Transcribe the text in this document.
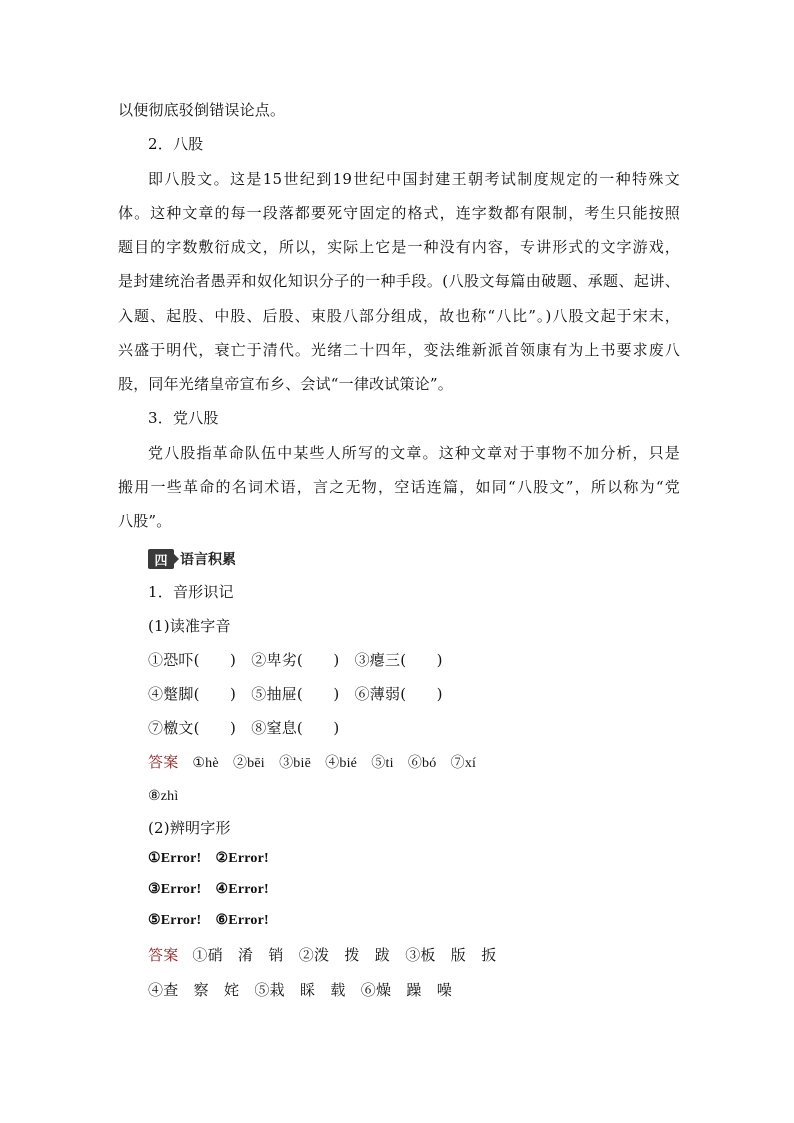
以便彻底驳倒错误论点。
2．八股
即八股文。这是15世纪到19世纪中国封建王朝考试制度规定的一种特殊文
体。这种文章的每一段落都要死守固定的格式，连字数都有限制，考生只能按照
题目的字数敷衍成文，所以，实际上它是一种没有内容，专讲形式的文字游戏，
是封建统治者愚弄和奴化知识分子的一种手段。(八股文每篇由破题、承题、起讲、
入题、起股、中股、后股、束股八部分组成，故也称“八比”。)八股文起于宋末，
兴盛于明代，衰亡于清代。光绪二十四年，变法维新派首领康有为上书要求废八
股，同年光绪皇帝宣布乡、会试“一律改试策论”。
3．党八股
党八股指革命队伍中某些人所写的文章。这种文章对于事物不加分析，只是
搬用一些革命的名词术语，言之无物，空话连篇，如同“八股文”，所以称为“党
八股”。
四 语言积累
1．音形识记
(1)读准字音
①恐吓(　　)　②卑劣(　　)　③瘪三(　　)
④蹩脚(　　)　⑤抽屉(　　)　⑥薄弱(　　)
⑦檄文(　　)　⑧窒息(　　)
答案 ①hè　②bēi　③biē　④bié　⑤ti　⑥bó　⑦xí
⑧zhì
(2)辨明字形
①Error!　②Error!
③Error!　④Error!
⑤Error!　⑥Error!
答案 ①硝　淆　销　②泼　拨　跋　③板　版　扳
④查　察　姹　⑤栽　睬　载　⑥燥　躁　噪
